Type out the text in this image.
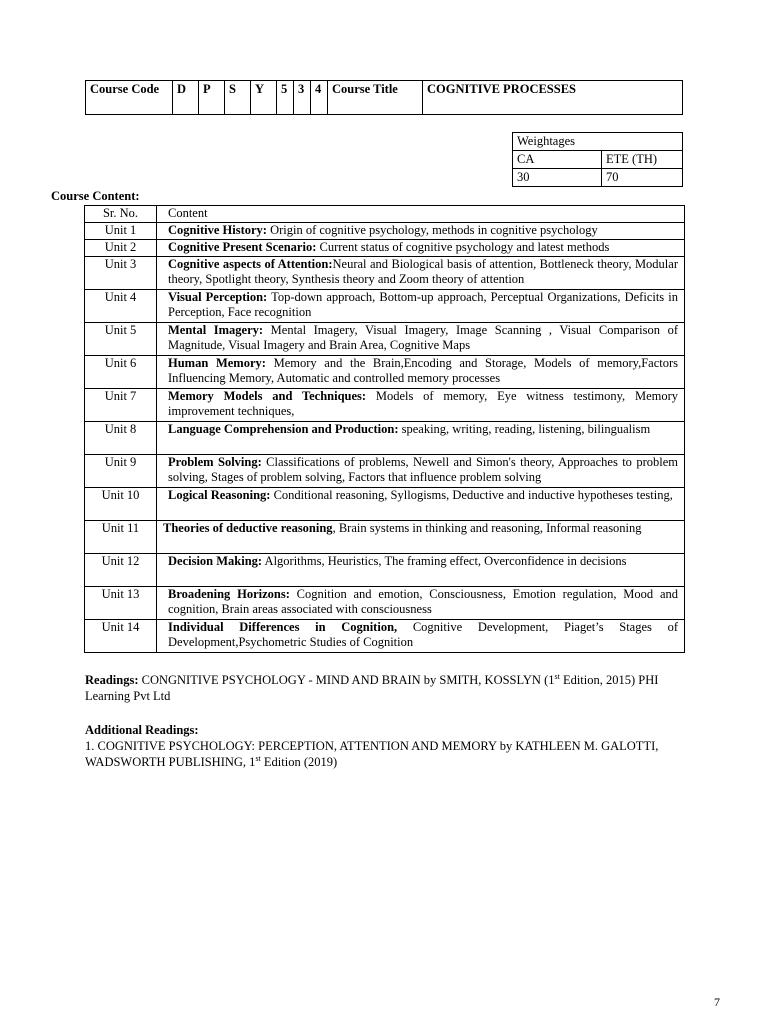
Course Code	D	P	S	Y	5	3	4	Course Title	COGNITIVE PROCESSES
Weightages	
CA	ETE (TH)
30	70
Course Content:
Sr. No.	Content
Unit 1	Cognitive History: Origin of cognitive psychology, methods in cognitive psychology
Unit 2	Cognitive Present Scenario: Current status of cognitive psychology and latest methods
Unit 3	Cognitive aspects of Attention:Neural and Biological basis of attention, Bottleneck theory, Modular theory, Spotlight theory, Synthesis theory and Zoom theory of attention
Unit 4	Visual Perception: Top-down approach, Bottom-up approach, Perceptual Organizations, Deficits in Perception, Face recognition
Unit 5	Mental Imagery: Mental Imagery, Visual Imagery, Image Scanning , Visual Comparison of Magnitude, Visual Imagery and Brain Area, Cognitive Maps
Unit 6	Human Memory: Memory and the Brain,Encoding and Storage, Models of memory,Factors Influencing Memory, Automatic and controlled memory processes
Unit 7	Memory Models and Techniques: Models of memory, Eye witness testimony, Memory improvement techniques,
Unit 8	Language Comprehension and Production: speaking, writing, reading, listening, bilingualism
Unit 9	Problem Solving: Classifications of problems, Newell and Simon's theory, Approaches to problem solving, Stages of problem solving, Factors that influence problem solving
Unit 10	Logical Reasoning: Conditional reasoning, Syllogisms, Deductive and inductive hypotheses testing,
Unit 11	Theories of deductive reasoning, Brain systems in thinking and reasoning, Informal reasoning
Unit 12	Decision Making: Algorithms, Heuristics, The framing effect, Overconfidence in decisions
Unit 13	Broadening Horizons: Cognition and emotion, Consciousness, Emotion regulation, Mood and cognition, Brain areas associated with consciousness
Unit 14	Individual Differences in Cognition, Cognitive Development, Piaget’s Stages of Development,Psychometric Studies of Cognition
Readings: CONGNITIVE PSYCHOLOGY - MIND AND BRAIN by SMITH, KOSSLYN (1st Edition, 2015) PHI Learning Pvt Ltd
Additional Readings:
1. COGNITIVE PSYCHOLOGY: PERCEPTION, ATTENTION AND MEMORY by KATHLEEN M. GALOTTI, WADSWORTH PUBLISHING, 1st Edition (2019)
7
